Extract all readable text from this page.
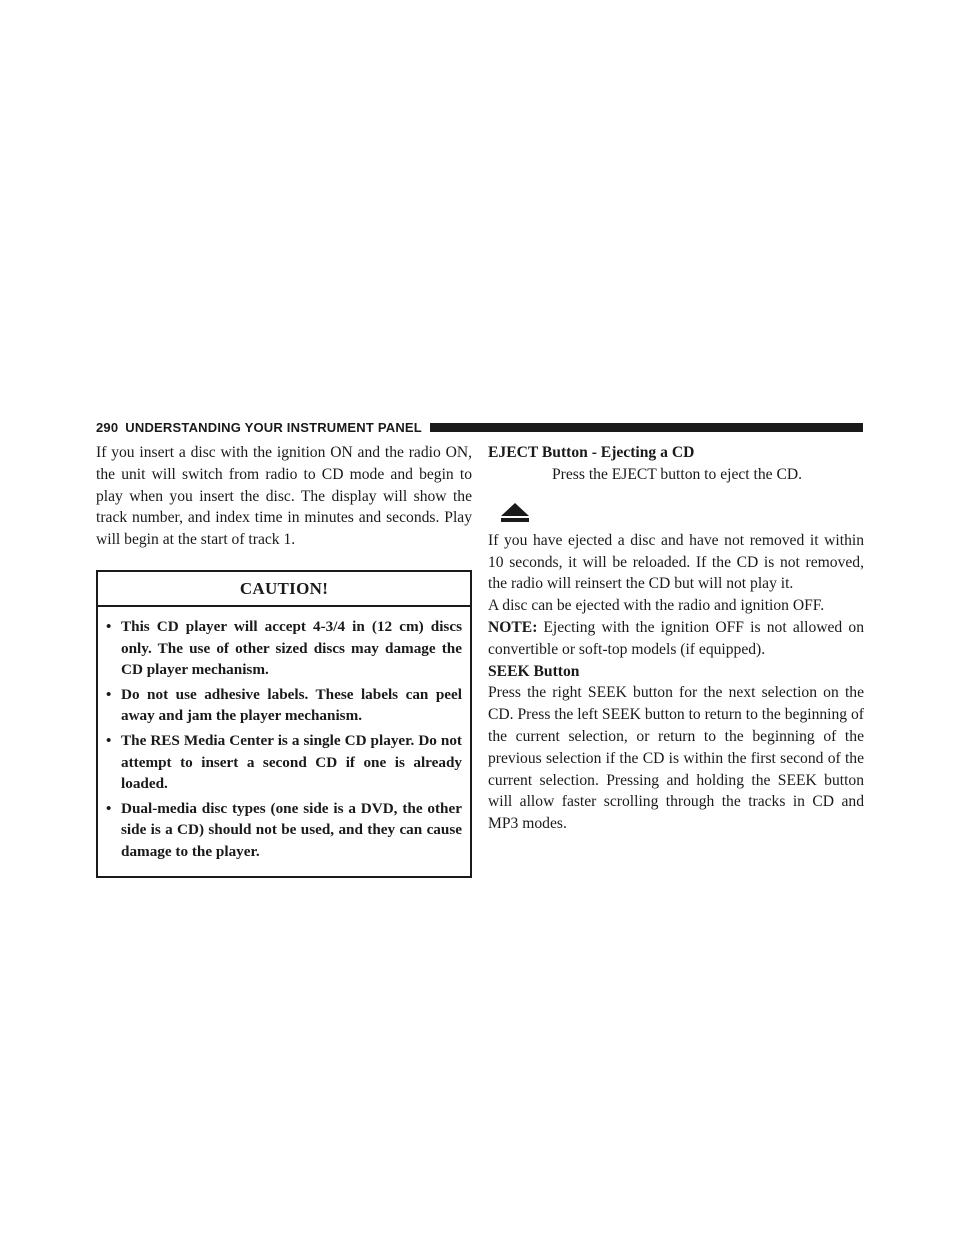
290 UNDERSTANDING YOUR INSTRUMENT PANEL

If you insert a disc with the ignition ON and the radio ON, the unit will switch from radio to CD mode and begin to play when you insert the disc. The display will show the track number, and index time in minutes and seconds. Play will begin at the start of track 1.

CAUTION!
• This CD player will accept 4-3/4 in (12 cm) discs only. The use of other sized discs may damage the CD player mechanism.
• Do not use adhesive labels. These labels can peel away and jam the player mechanism.
• The RES Media Center is a single CD player. Do not attempt to insert a second CD if one is already loaded.
• Dual-media disc types (one side is a DVD, the other side is a CD) should not be used, and they can cause damage to the player.
EJECT Button - Ejecting a CD
Press the EJECT button to eject the CD.

If you have ejected a disc and have not removed it within 10 seconds, it will be reloaded. If the CD is not removed, the radio will reinsert the CD but will not play it.

A disc can be ejected with the radio and ignition OFF.

NOTE: Ejecting with the ignition OFF is not allowed on convertible or soft-top models (if equipped).

SEEK Button

Press the right SEEK button for the next selection on the CD. Press the left SEEK button to return to the beginning of the current selection, or return to the beginning of the previous selection if the CD is within the first second of the current selection. Pressing and holding the SEEK button will allow faster scrolling through the tracks in CD and MP3 modes.
